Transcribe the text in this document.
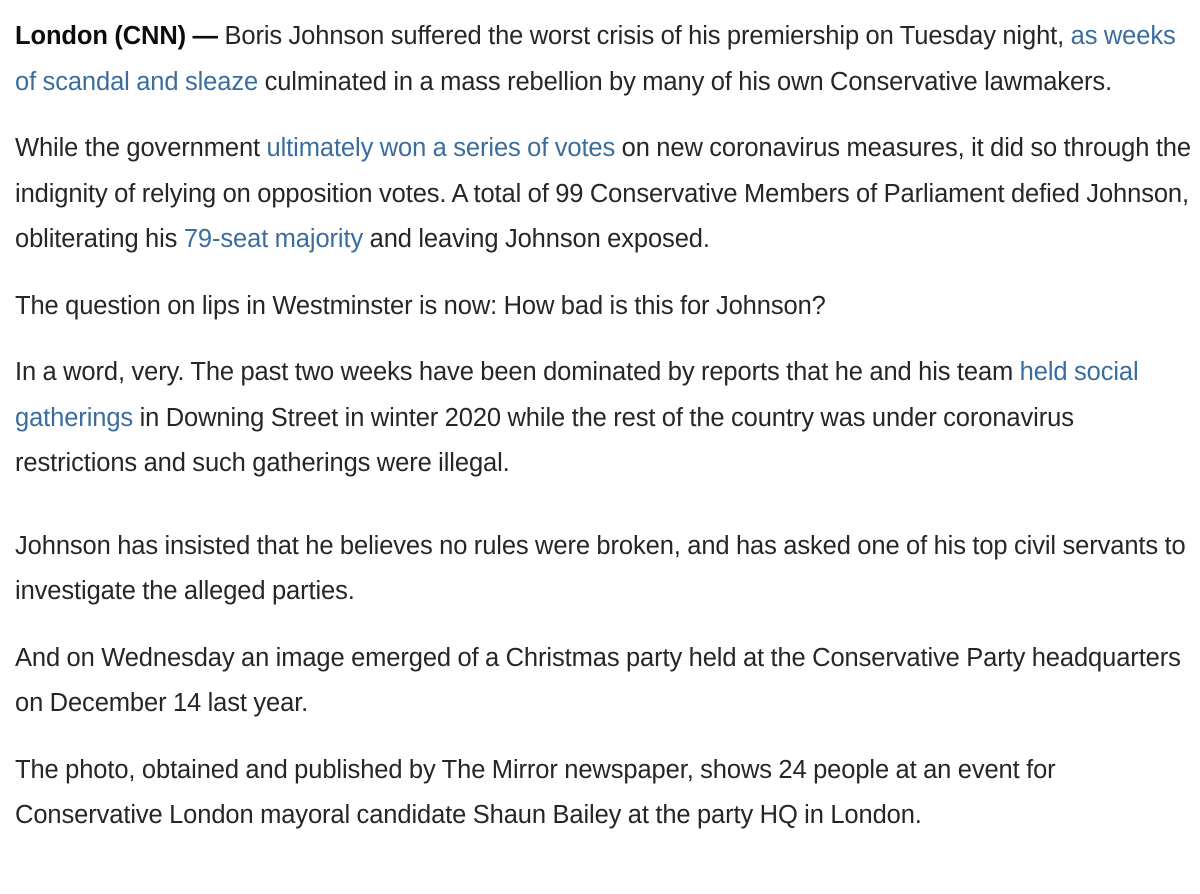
London (CNN) — Boris Johnson suffered the worst crisis of his premiership on Tuesday night, as weeks of scandal and sleaze culminated in a mass rebellion by many of his own Conservative lawmakers.

While the government ultimately won a series of votes on new coronavirus measures, it did so through the indignity of relying on opposition votes. A total of 99 Conservative Members of Parliament defied Johnson, obliterating his 79-seat majority and leaving Johnson exposed.

The question on lips in Westminster is now: How bad is this for Johnson?

In a word, very. The past two weeks have been dominated by reports that he and his team held social gatherings in Downing Street in winter 2020 while the rest of the country was under coronavirus restrictions and such gatherings were illegal.

Johnson has insisted that he believes no rules were broken, and has asked one of his top civil servants to investigate the alleged parties.

And on Wednesday an image emerged of a Christmas party held at the Conservative Party headquarters on December 14 last year.

The photo, obtained and published by The Mirror newspaper, shows 24 people at an event for Conservative London mayoral candidate Shaun Bailey at the party HQ in London.
